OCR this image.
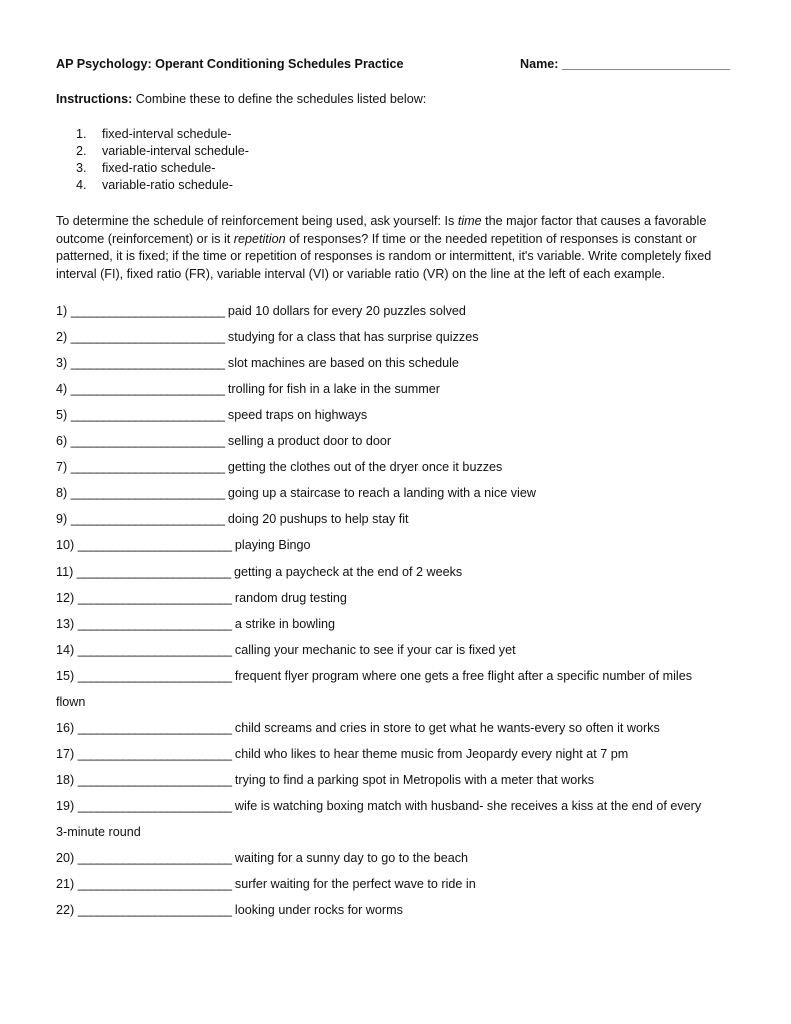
AP Psychology: Operant Conditioning Schedules Practice	Name: ________________________
Instructions: Combine these to define the schedules listed below:
1. fixed-interval schedule-
2. variable-interval schedule-
3. fixed-ratio schedule-
4. variable-ratio schedule-
To determine the schedule of reinforcement being used, ask yourself: Is time the major factor that causes a favorable outcome (reinforcement) or is it repetition of responses? If time or the needed repetition of responses is constant or patterned, it is fixed; if the time or repetition of responses is random or intermittent, it's variable. Write completely fixed interval (FI), fixed ratio (FR), variable interval (VI) or variable ratio (VR) on the line at the left of each example.
1) ________________________ paid 10 dollars for every 20 puzzles solved
2) ________________________ studying for a class that has surprise quizzes
3) ________________________ slot machines are based on this schedule
4) ________________________ trolling for fish in a lake in the summer
5) ________________________ speed traps on highways
6) ________________________ selling a product door to door
7) ________________________ getting the clothes out of the dryer once it buzzes
8) ________________________ going up a staircase to reach a landing with a nice view
9) ________________________ doing 20 pushups to help stay fit
10) ________________________ playing Bingo
11) ________________________ getting a paycheck at the end of 2 weeks
12) ________________________ random drug testing
13) ________________________ a strike in bowling
14) ________________________ calling your mechanic to see if your car is fixed yet
15) ________________________ frequent flyer program where one gets a free flight after a specific number of miles
flown
16) ________________________ child screams and cries in store to get what he wants-every so often it works
17) ________________________ child who likes to hear theme music from Jeopardy every night at 7 pm
18) ________________________ trying to find a parking spot in Metropolis with a meter that works
19) ________________________ wife is watching boxing match with husband- she receives a kiss at the end of every
3-minute round
20) ________________________ waiting for a sunny day to go to the beach
21) ________________________ surfer waiting for the perfect wave to ride in
22) ________________________ looking under rocks for worms
